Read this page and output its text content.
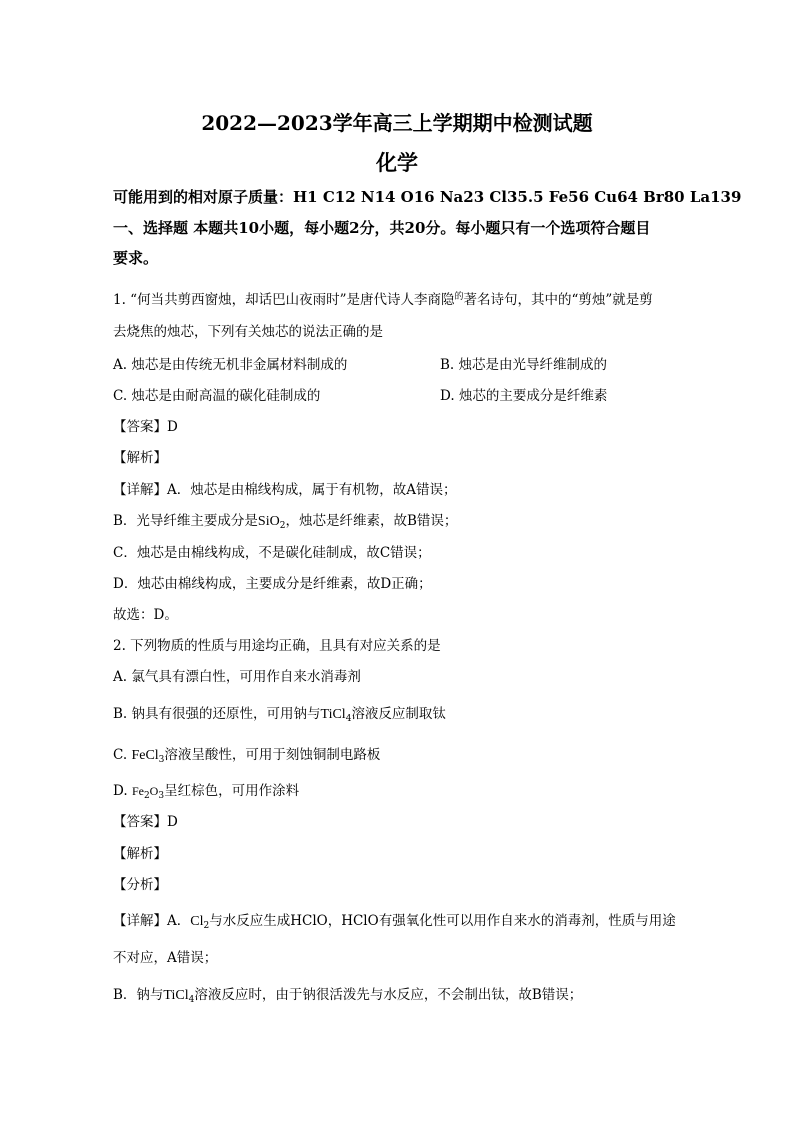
2022—2023学年高三上学期期中检测试题
化学
可能用到的相对原子质量：H1 C12 N14 O16 Na23 Cl35.5 Fe56 Cu64 Br80 La139
一、选择题 本题共10小题，每小题2分，共20分。每小题只有一个选项符合题目
要求。
1. “何当共剪西窗烛，却话巴山夜雨时”是唐代诗人李商隐$^的$著名诗句，其中的“剪烛”就是剪
去烧焦的烛芯，下列有关烛芯的说法正确的是
A. 烛芯是由传统无机非金属材料制成的	B. 烛芯是由光导纤维制成的
C. 烛芯是由耐高温的碳化硅制成的	D. 烛芯的主要成分是纤维素
【答案】D
【解析】
【详解】A．烛芯是由棉线构成，属于有机物，故A错误；
B．光导纤维主要成分是SiO$_2$，烛芯是纤维素，故B错误；
C．烛芯是由棉线构成，不是碳化硅制成，故C错误；
D．烛芯由棉线构成，主要成分是纤维素，故D正确；
故选：D。
2. 下列物质的性质与用途均正确，且具有对应关系的是
A. 氯气具有漂白性，可用作自来水消毒剂
B. 钠具有很强的还原性，可用钠与TiCl$_4$溶液反应制取钛
C. FeCl$_3$溶液呈酸性，可用于刻蚀铜制电路板
D. $Fe_2O_3$呈红棕色，可用作涂料
【答案】D
【解析】
【分析】
【详解】A．$Cl_2$与水反应生成HClO，HClO有强氧化性可以用作自来水的消毒剂，性质与用途
不对应，A错误；
B．钠与TiCl$_4$溶液反应时，由于钠很活泼先与水反应，不会制出钛，故B错误；
